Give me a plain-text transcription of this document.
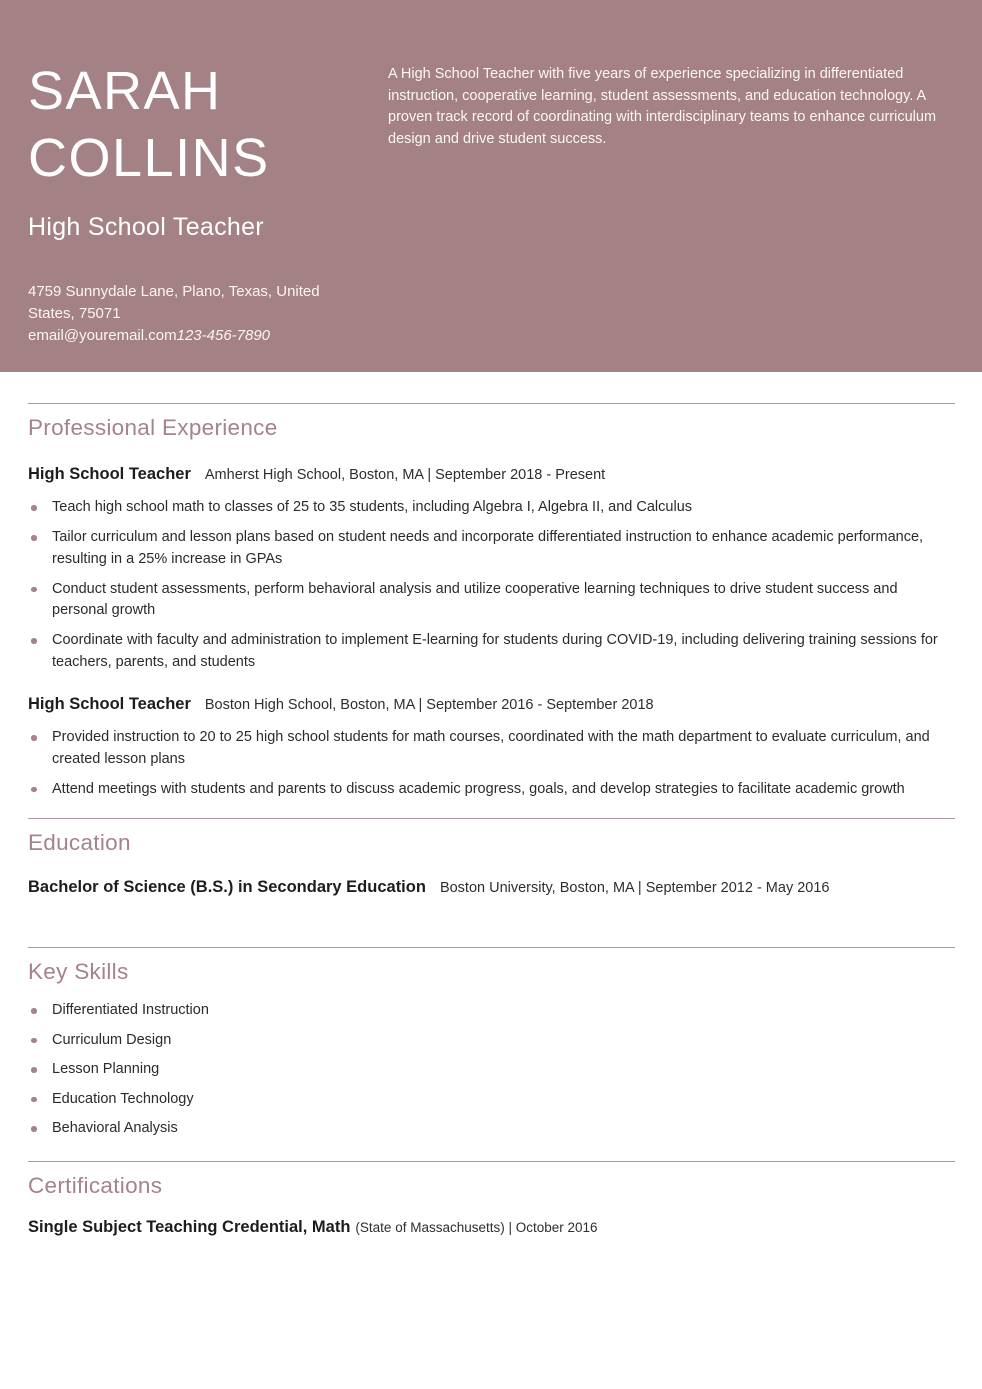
SARAH
COLLINS
High School Teacher
4759 Sunnydale Lane, Plano, Texas, United
States, 75071
email@youremail.com123-456-7890
A High School Teacher with five years of experience specializing in differentiated instruction, cooperative learning, student assessments, and education technology. A proven track record of coordinating with interdisciplinary teams to enhance curriculum design and drive student success.
Professional Experience
High School Teacher Amherst High School, Boston, MA | September 2018 - Present
Teach high school math to classes of 25 to 35 students, including Algebra I, Algebra II, and Calculus
Tailor curriculum and lesson plans based on student needs and incorporate differentiated instruction to enhance academic performance, resulting in a 25% increase in GPAs
Conduct student assessments, perform behavioral analysis and utilize cooperative learning techniques to drive student success and personal growth
Coordinate with faculty and administration to implement E-learning for students during COVID-19, including delivering training sessions for teachers, parents, and students
High School Teacher Boston High School, Boston, MA | September 2016 - September 2018
Provided instruction to 20 to 25 high school students for math courses, coordinated with the math department to evaluate curriculum, and created lesson plans
Attend meetings with students and parents to discuss academic progress, goals, and develop strategies to facilitate academic growth
Education
Bachelor of Science (B.S.) in Secondary Education Boston University, Boston, MA | September 2012 - May 2016
Key Skills
Differentiated Instruction
Curriculum Design
Lesson Planning
Education Technology
Behavioral Analysis
Certifications
Single Subject Teaching Credential, Math (State of Massachusetts) | October 2016
